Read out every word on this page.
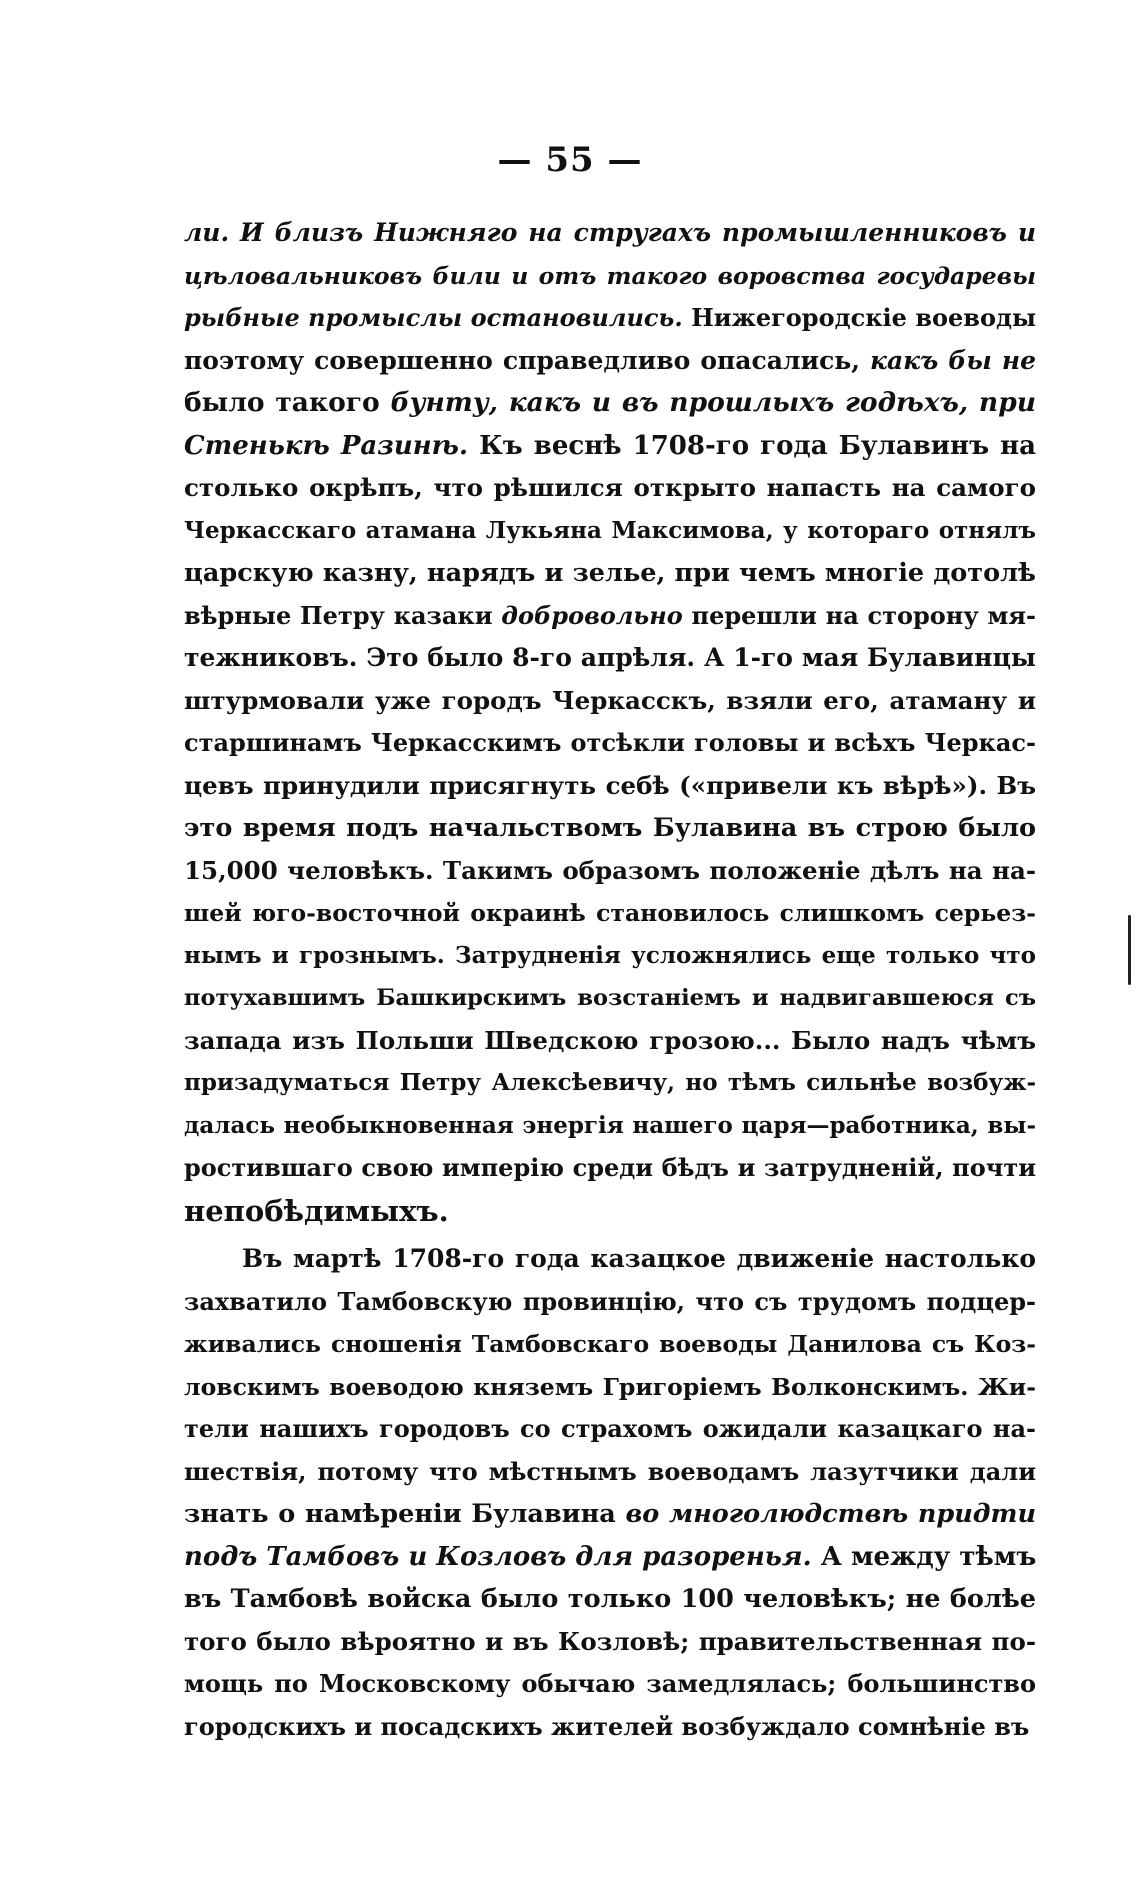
— 55 —
ли. И близъ Нижняго на стругахъ промышленниковъ и
цѣловальниковъ били и отъ такого воровства государевы
рыбные промыслы остановились. Нижегородскіе воеводы
поэтому совершенно справедливо опасались, какъ бы не
было такого бунту, какъ и въ прошлыхъ годѣхъ, при
Стенькѣ Разинѣ. Къ веснѣ 1708-го года Булавинъ на
столько окрѣпъ, что рѣшился открыто напасть на самого
Черкасскаго атамана Лукьяна Максимова, у котораго отнялъ
царскую казну, нарядъ и зелье, при чемъ многіе дотолѣ
вѣрные Петру казаки добровольно перешли на сторону мя-
тежниковъ. Это было 8-го апрѣля. А 1-го мая Булавинцы
штурмовали уже городъ Черкасскъ, взяли его, атаману и
старшинамъ Черкасскимъ отсѣкли головы и всѣхъ Черкас-
цевъ принудили присягнуть себѣ («привели къ вѣрѣ»). Въ
это время подъ начальствомъ Булавина въ строю было
15,000 человѣкъ. Такимъ образомъ положеніе дѣлъ на на-
шей юго-восточной окраинѣ становилось слишкомъ серьез-
нымъ и грознымъ. Затрудненія усложнялись еще только что
потухавшимъ Башкирскимъ возстаніемъ и надвигавшеюся съ
запада изъ Польши Шведскою грозою... Было надъ чѣмъ
призадуматься Петру Алексѣевичу, но тѣмъ сильнѣе возбуж-
далась необыкновенная энергія нашего царя—работника, вы-
ростившаго свою имперію среди бѣдъ и затрудненій, почти
непобѣдимыхъ.
Въ мартѣ 1708-го года казацкое движеніе настолько
захватило Тамбовскую провинцію, что съ трудомъ подцер-
живались сношенія Тамбовскаго воеводы Данилова съ Коз-
ловскимъ воеводою княземъ Григоріемъ Волконскимъ. Жи-
тели нашихъ городовъ со страхомъ ожидали казацкаго на-
шествія, потому что мѣстнымъ воеводамъ лазутчики дали
знать о намѣреніи Булавина во многолюдствѣ придти
подъ Тамбовъ и Козловъ для разоренья. А между тѣмъ
въ Тамбовѣ войска было только 100 человѣкъ; не болѣе
того было вѣроятно и въ Козловѣ; правительственная по-
мощь по Московскому обычаю замедлялась; большинство
городскихъ и посадскихъ жителей возбуждало сомнѣніе въ
